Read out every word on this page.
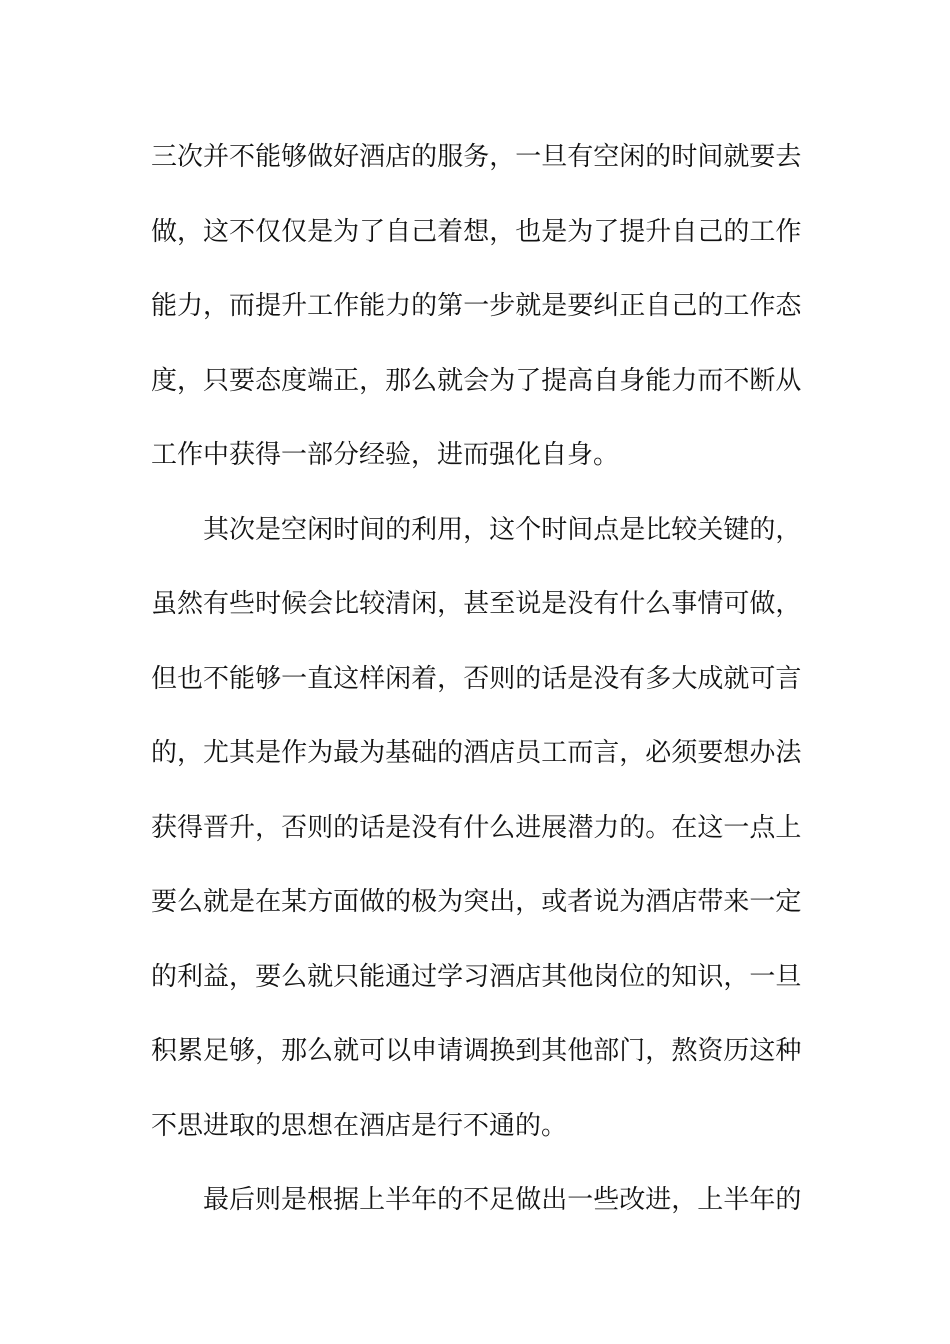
三 次 并 不 能 够 做 好 酒 店 的 服 务 ， 一 旦 有 空 闲 的 时 间 就 要 去
做 ， 这 不 仅 仅 是 为 了 自 己 着 想 ， 也 是 为 了 提 升 自 己 的 工 作
能 力 ， 而 提 升 工 作 能 力 的 第 一 步 就 是 要 纠 正 自 己 的 工 作 态
度 ， 只 要 态 度 端 正 ， 那 么 就 会 为 了 提 高 自 身 能 力 而 不 断 从
工作中获得一部分经验，进而强化自身。
其 次 是 空 闲 时 间 的 利 用 ， 这 个 时 间 点 是 比 较 关 键 的 ，
虽 然 有 些 时 候 会 比 较 清 闲 ， 甚 至 说 是 没 有 什 么 事 情 可 做 ，
但 也 不 能 够 一 直 这 样 闲 着 ， 否 则 的 话 是 没 有 多 大 成 就 可 言
的 ， 尤 其 是 作 为 最 为 基 础 的 酒 店 员 工 而 言 ， 必 须 要 想 办 法
获 得 晋 升 ， 否 则 的 话 是 没 有 什 么 进 展 潜 力 的 。 在 这 一 点 上
要 么 就 是 在 某 方 面 做 的 极 为 突 出 ， 或 者 说 为 酒 店 带 来 一 定
的 利 益 ， 要 么 就 只 能 通 过 学 习 酒 店 其 他 岗 位 的 知 识 ， 一 旦
积 累 足 够 ， 那 么 就 可 以 申 请 调 换 到 其 他 部 门 ， 熬 资 历 这 种
不思进取的思想在酒店是行不通的。
最 后 则 是 根 据 上 半 年 的 不 足 做 出 一 些 改 进 ， 上 半 年 的
